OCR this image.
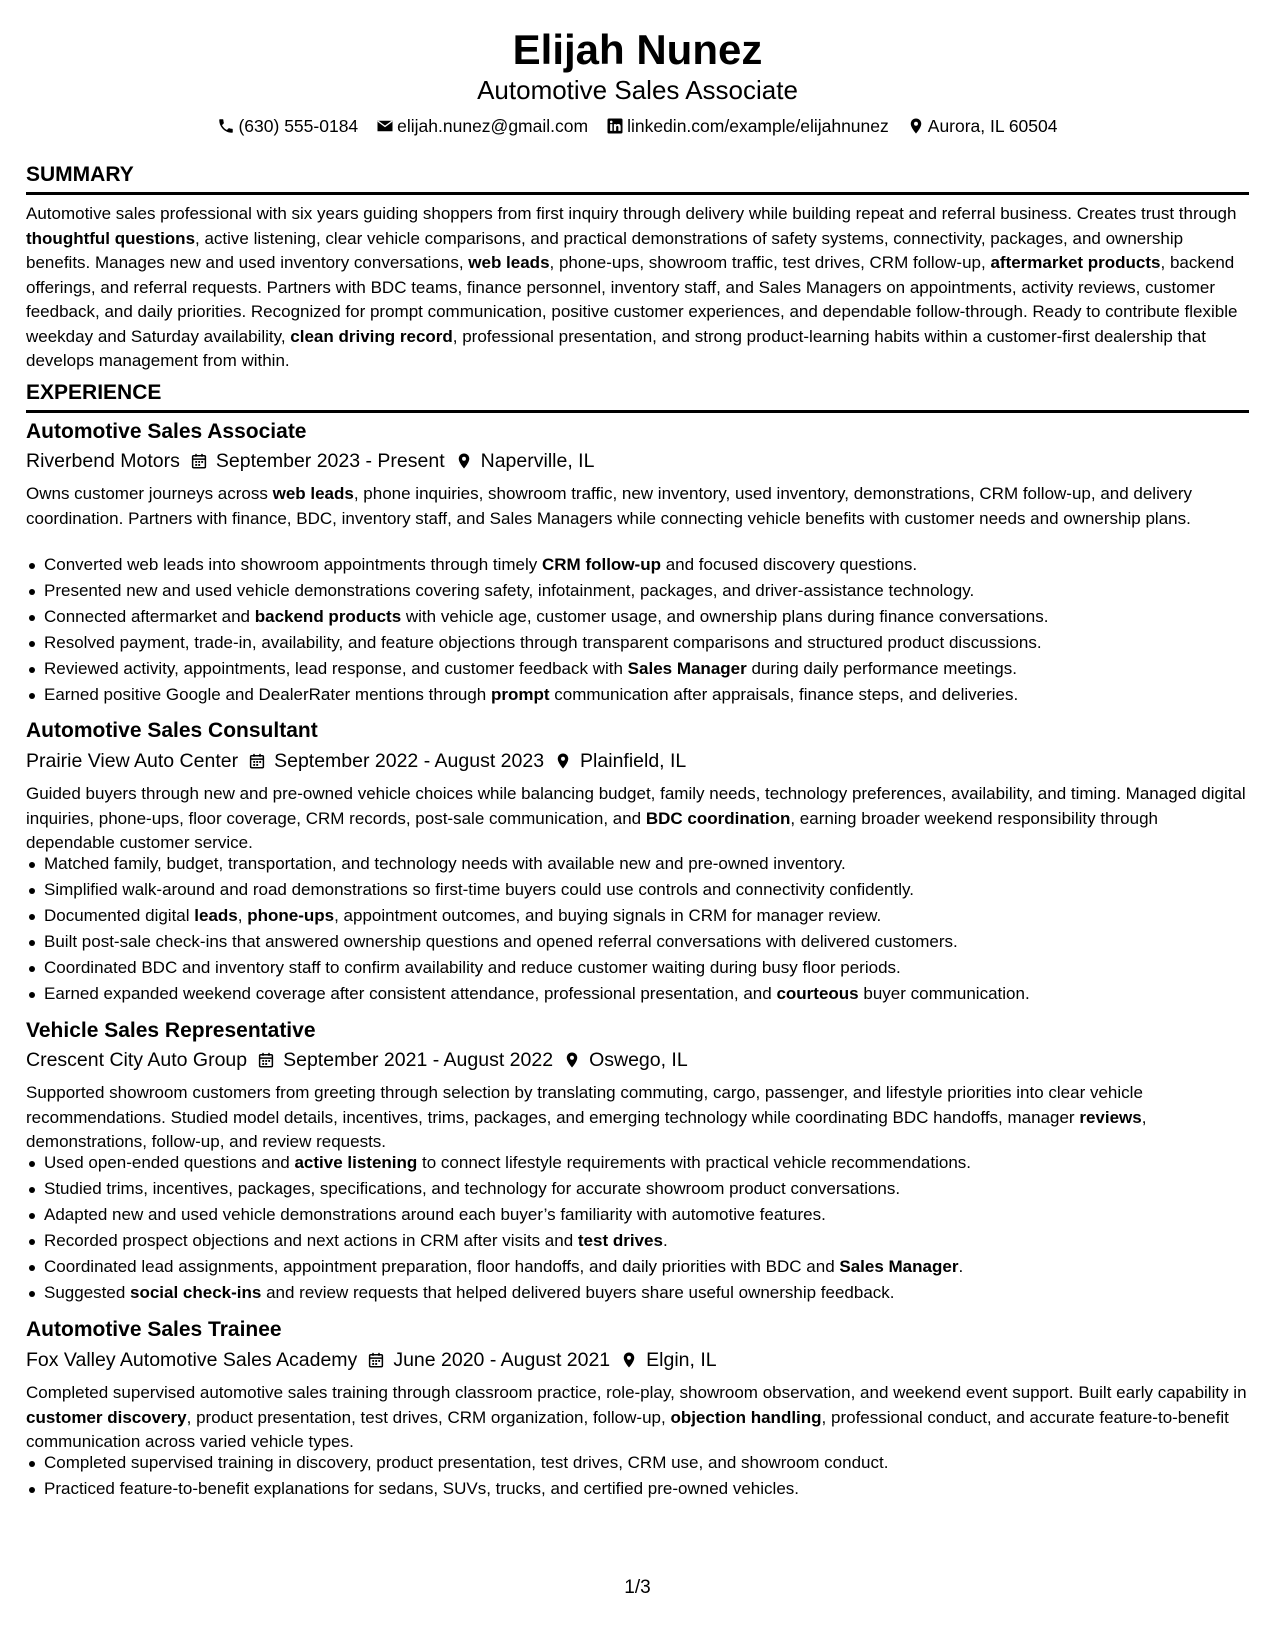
Elijah Nunez
Automotive Sales Associate
(630) 555-0184 elijah.nunez@gmail.com linkedin.com/example/elijahnunez Aurora, IL 60504
SUMMARY
Automotive sales professional with six years guiding shoppers from first inquiry through delivery while building repeat and referral business. Creates trust through thoughtful questions, active listening, clear vehicle comparisons, and practical demonstrations of safety systems, connectivity, packages, and ownership benefits. Manages new and used inventory conversations, web leads, phone-ups, showroom traffic, test drives, CRM follow-up, aftermarket products, backend offerings, and referral requests. Partners with BDC teams, finance personnel, inventory staff, and Sales Managers on appointments, activity reviews, customer feedback, and daily priorities. Recognized for prompt communication, positive customer experiences, and dependable follow-through. Ready to contribute flexible weekday and Saturday availability, clean driving record, professional presentation, and strong product-learning habits within a customer-first dealership that develops management from within.
EXPERIENCE
Automotive Sales Associate
Riverbend Motors September 2023 - Present Naperville, IL
Owns customer journeys across web leads, phone inquiries, showroom traffic, new inventory, used inventory, demonstrations, CRM follow-up, and delivery coordination. Partners with finance, BDC, inventory staff, and Sales Managers while connecting vehicle benefits with customer needs and ownership plans.
Converted web leads into showroom appointments through timely CRM follow-up and focused discovery questions.
Presented new and used vehicle demonstrations covering safety, infotainment, packages, and driver-assistance technology.
Connected aftermarket and backend products with vehicle age, customer usage, and ownership plans during finance conversations.
Resolved payment, trade-in, availability, and feature objections through transparent comparisons and structured product discussions.
Reviewed activity, appointments, lead response, and customer feedback with Sales Manager during daily performance meetings.
Earned positive Google and DealerRater mentions through prompt communication after appraisals, finance steps, and deliveries.
Automotive Sales Consultant
Prairie View Auto Center September 2022 - August 2023 Plainfield, IL
Guided buyers through new and pre-owned vehicle choices while balancing budget, family needs, technology preferences, availability, and timing. Managed digital inquiries, phone-ups, floor coverage, CRM records, post-sale communication, and BDC coordination, earning broader weekend responsibility through dependable customer service.
Matched family, budget, transportation, and technology needs with available new and pre-owned inventory.
Simplified walk-around and road demonstrations so first-time buyers could use controls and connectivity confidently.
Documented digital leads, phone-ups, appointment outcomes, and buying signals in CRM for manager review.
Built post-sale check-ins that answered ownership questions and opened referral conversations with delivered customers.
Coordinated BDC and inventory staff to confirm availability and reduce customer waiting during busy floor periods.
Earned expanded weekend coverage after consistent attendance, professional presentation, and courteous buyer communication.
Vehicle Sales Representative
Crescent City Auto Group September 2021 - August 2022 Oswego, IL
Supported showroom customers from greeting through selection by translating commuting, cargo, passenger, and lifestyle priorities into clear vehicle recommendations. Studied model details, incentives, trims, packages, and emerging technology while coordinating BDC handoffs, manager reviews, demonstrations, follow-up, and review requests.
Used open-ended questions and active listening to connect lifestyle requirements with practical vehicle recommendations.
Studied trims, incentives, packages, specifications, and technology for accurate showroom product conversations.
Adapted new and used vehicle demonstrations around each buyer’s familiarity with automotive features.
Recorded prospect objections and next actions in CRM after visits and test drives.
Coordinated lead assignments, appointment preparation, floor handoffs, and daily priorities with BDC and Sales Manager.
Suggested social check-ins and review requests that helped delivered buyers share useful ownership feedback.
Automotive Sales Trainee
Fox Valley Automotive Sales Academy June 2020 - August 2021 Elgin, IL
Completed supervised automotive sales training through classroom practice, role-play, showroom observation, and weekend event support. Built early capability in customer discovery, product presentation, test drives, CRM organization, follow-up, objection handling, professional conduct, and accurate feature-to-benefit communication across varied vehicle types.
Completed supervised training in discovery, product presentation, test drives, CRM use, and showroom conduct.
Practiced feature-to-benefit explanations for sedans, SUVs, trucks, and certified pre-owned vehicles.
1/3
